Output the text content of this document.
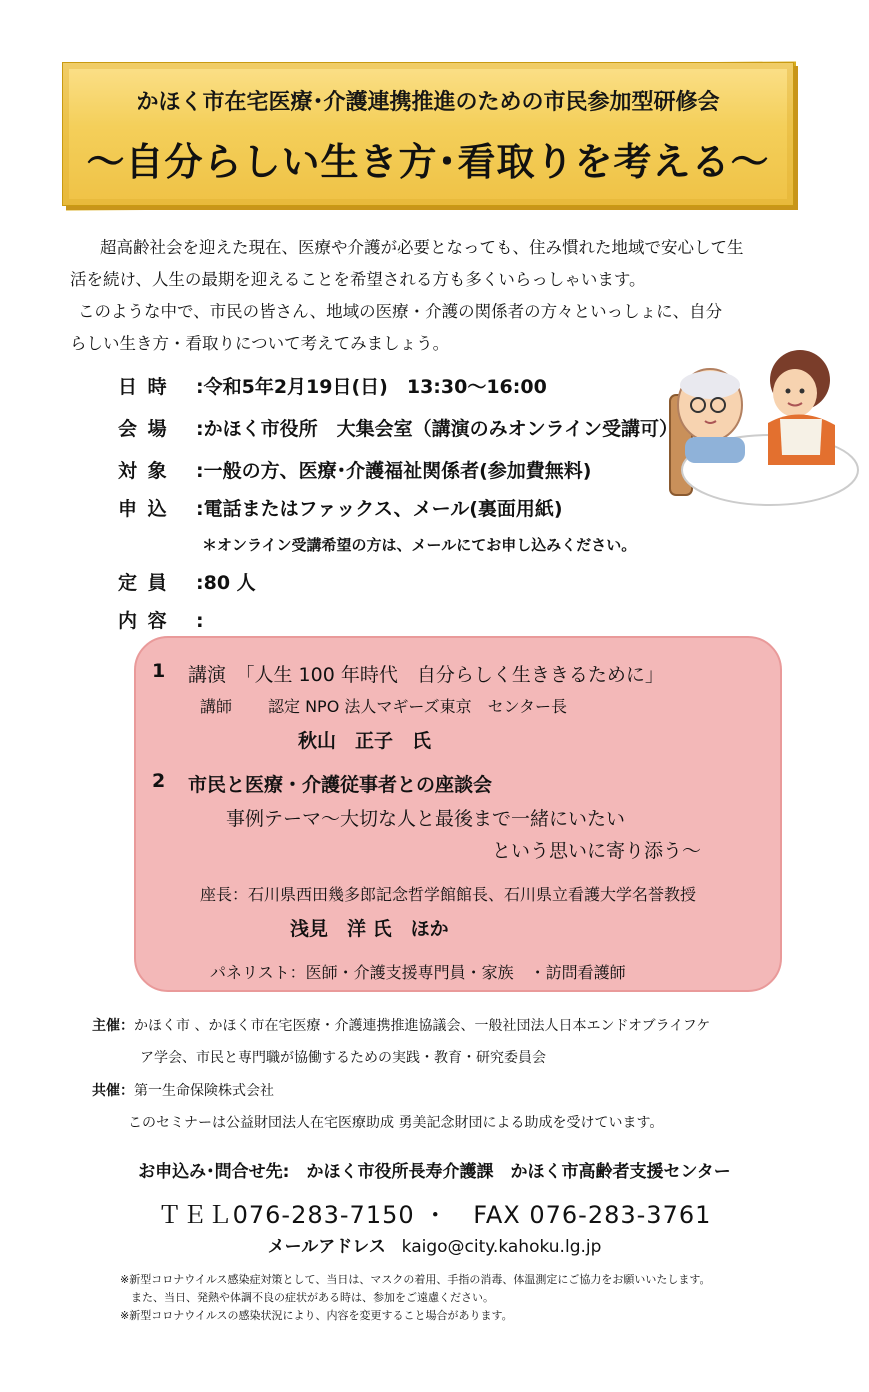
かほく市在宅医療･介護連携推進のための市民参加型研修会
～自分らしい生き方･看取りを考える～

超高齢社会を迎えた現在、医療や介護が必要となっても、住み慣れた地域で安心して生

活を続け、人生の最期を迎えることを希望される方も多くいらっしゃいます。

このような中で、市民の皆さん、地域の医療・介護の関係者の方々といっしょに、自分

らしい生き方・看取りについて考えてみましょう。

日 時 :令和5年2月19日(日)　13:30～16:00
会 場 :かほく市役所　大集会室（講演のみオンライン受講可）
対 象 :一般の方、医療･介護福祉関係者(参加費無料)
申 込 :電話またはファックス、メール(裏面用紙)
＊オンライン受講希望の方は、メールにてお申し込みください。
定 員 :80 人
内 容 :
1 講演　「人生 100 年時代　自分らしく生ききるために」
講師 認定 NPO 法人マギーズ東京　センター長
秋山　正子　氏
2 市民と医療・介護従事者との座談会
事例テーマ～大切な人と最後まで一緒にいたい
という思いに寄り添う～
座長：石川県西田幾多郎記念哲学館館長、石川県立看護大学名誉教授
浅見　洋 氏　ほか
パネリスト：医師・介護支援専門員・家族　・訪問看護師
主催：かほく市 、かほく市在宅医療・介護連携推進協議会、一般社団法人日本エンドオブライフケ
ア学会、市民と専門職が協働するための実践・教育・研究委員会
共催：第一生命保険株式会社
このセミナーは公益財団法人在宅医療助成 勇美記念財団による助成を受けています。
お申込み･問合せ先:　かほく市役所長寿介護課　かほく市高齢者支援センター
ＴＥＬ076-283-7150 ・　FAX 076-283-3761
メールアドレス kaigo@city.kahoku.lg.jp
※新型コロナウイルス感染症対策として、当日は、マスクの着用、手指の消毒、体温測定にご協力をお願いいたします。
　また、当日、発熱や体調不良の症状がある時は、参加をご遠慮ください。
※新型コロナウイルスの感染状況により、内容を変更すること場合があります。
